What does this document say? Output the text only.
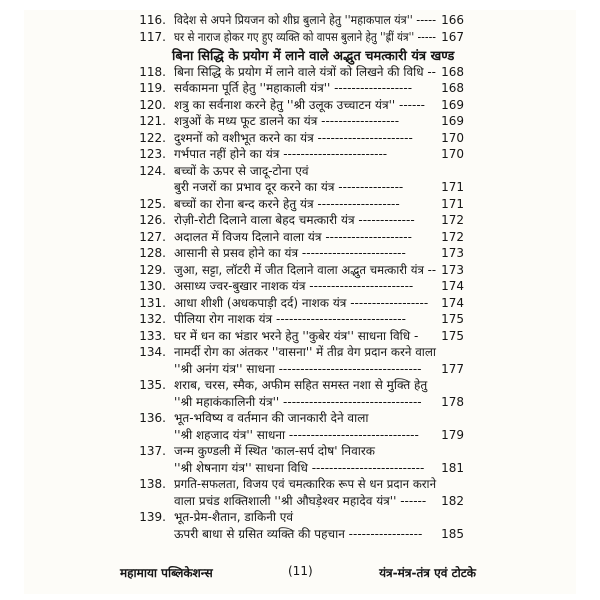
बिना सिद्धि के प्रयोग में लाने वाले अद्भुत चमत्कारी यंत्र खण्ड
116. विदेश से अपने प्रियजन को शीघ्र बुलाने हेतु ''महाकपाल यंत्र'' ----- 166
117. घर से नाराज होकर गए हुए व्यक्ति को वापस बुलाने हेतु ''ह्रीं यंत्र'' ----- 167
118. बिना सिद्धि के प्रयोग में लाने वाले यंत्रों को लिखने की विधि -- 168
119. सर्वकामना पूर्ति हेतु ''महाकाली यंत्र'' ------------------ 168
120. शत्रु का सर्वनाश करने हेतु ''श्री उलूक उच्चाटन यंत्र'' ------ 169
121. शत्रुओं के मध्य फूट डालने का यंत्र ------------------	169
122. दुश्मनों को वशीभूत करने का यंत्र ---------------------- 170
123. गर्भपात नहीं होने का यंत्र ------------------------	170
124. बच्चों के ऊपर से जादू-टोना एवं
बुरी नजरों का प्रभाव दूर करने का यंत्र ---------------	171
125. बच्चों का रोना बन्द करने हेतु यंत्र -------------------	171
126. रोज़ी-रोटी दिलाने वाला बेहद चमत्कारी यंत्र ------------- 172
127. अदालत में विजय दिलाने वाला यंत्र -------------------- 172
128. आसानी से प्रसव होने का यंत्र ------------------------	173
129. जुआ, सट्टा, लॉटरी में जीत दिलाने वाला अद्भुत चमत्कारी यंत्र -- 173
130. असाध्य ज्वर-बुखार नाशक यंत्र ------------------------ 174
131. आधा शीशी (अधकपाड़ी दर्द) नाशक यंत्र ------------------ 174
132. पीलिया रोग नाशक यंत्र ------------------------------	175
133. घर में धन का भंडार भरने हेतु ''कुबेर यंत्र'' साधना विधि - 175
134. नामर्दी रोग का अंतकर ''वासना'' में तीव्र वेग प्रदान करने वाला
''श्री अनंग यंत्र'' साधना --------------------------------- 177
135. शराब, चरस, स्मैक, अफीम सहित समस्त नशा से मुक्ति हेतु
''श्री महाकंकालिनी यंत्र'' -------------------------------- 178
136. भूत-भविष्य व वर्तमान की जानकारी देने वाला
''श्री शहजाद यंत्र'' साधना ------------------------------ 179
137. जन्म कुण्डली में स्थित 'काल-सर्प दोष' निवारक
''श्री शेषनाग यंत्र'' साधना विधि -------------------------- 181
138. प्रगति-सफलता, विजय एवं चमत्कारिक रूप से धन प्रदान कराने
वाला प्रचंड शक्तिशाली ''श्री औघड़ेश्वर महादेव यंत्र'' ------ 182
139. भूत-प्रेम-शैतान, डाकिनी एवं
ऊपरी बाधा से ग्रसित व्यक्ति की पहचान ----------------- 185
महामाया पब्लिकेशन्स	(11)	यंत्र-मंत्र-तंत्र एवं टोटके
